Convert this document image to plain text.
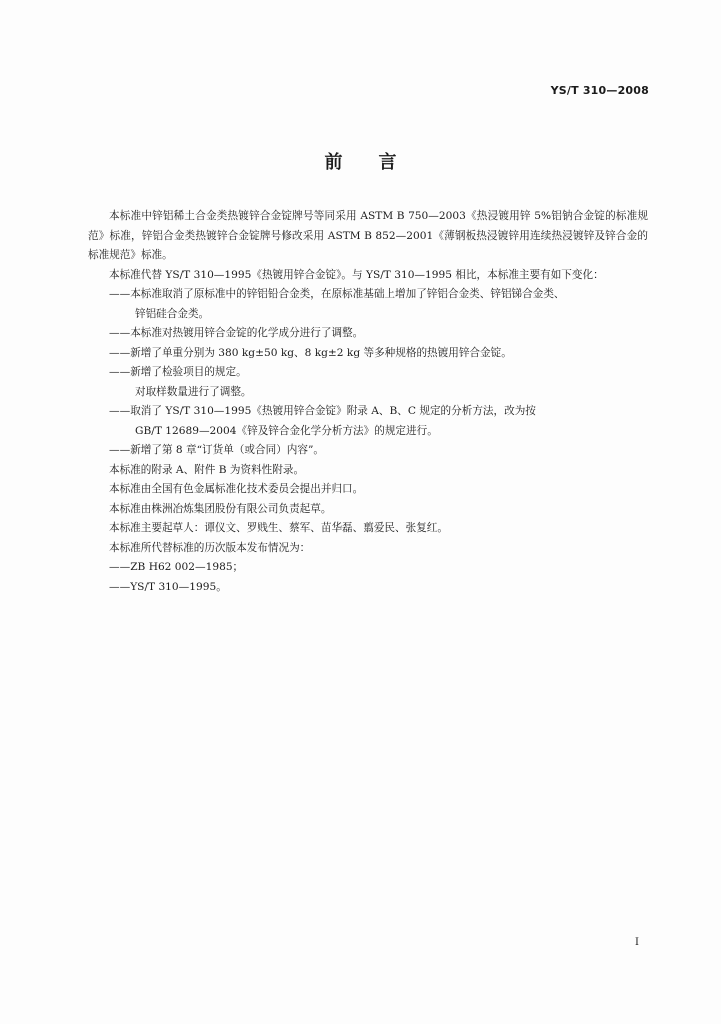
YS/T 310—2008
前言

本标准中锌铝稀土合金类热镀锌合金锭牌号等同采用 ASTM B 750—2003《热浸镀用锌 5%铝钠合金锭的标准规范》标准，锌铝合金类热镀锌合金锭牌号修改采用 ASTM B 852—2001《薄钢板热浸镀锌用连续热浸镀锌及锌合金的标准规范》标准。

本标准代替 YS/T 310—1995《热镀用锌合金锭》。与 YS/T 310—1995 相比，本标准主要有如下变化：

——本标准取消了原标准中的锌铝铅合金类，在原标准基础上增加了锌铝合金类、锌铝锑合金类、

锌铝硅合金类。

——本标准对热镀用锌合金锭的化学成分进行了调整。

——新增了单重分别为 380 kg±50 kg、8 kg±2 kg 等多种规格的热镀用锌合金锭。

——新增了检验项目的规定。

对取样数量进行了调整。

——取消了 YS/T 310—1995《热镀用锌合金锭》附录 A、B、C 规定的分析方法，改为按

GB/T 12689—2004《锌及锌合金化学分析方法》的规定进行。

——新增了第 8 章“订货单（或合同）内容”。

本标准的附录 A、附件 B 为资料性附录。

本标准由全国有色金属标准化技术委员会提出并归口。

本标准由株洲冶炼集团股份有限公司负责起草。

本标准主要起草人：谭仪文、罗贱生、蔡军、苗华磊、翦爱民、张复红。

本标准所代替标准的历次版本发布情况为：

——ZB H62 002—1985；

——YS/T 310—1995。

I
